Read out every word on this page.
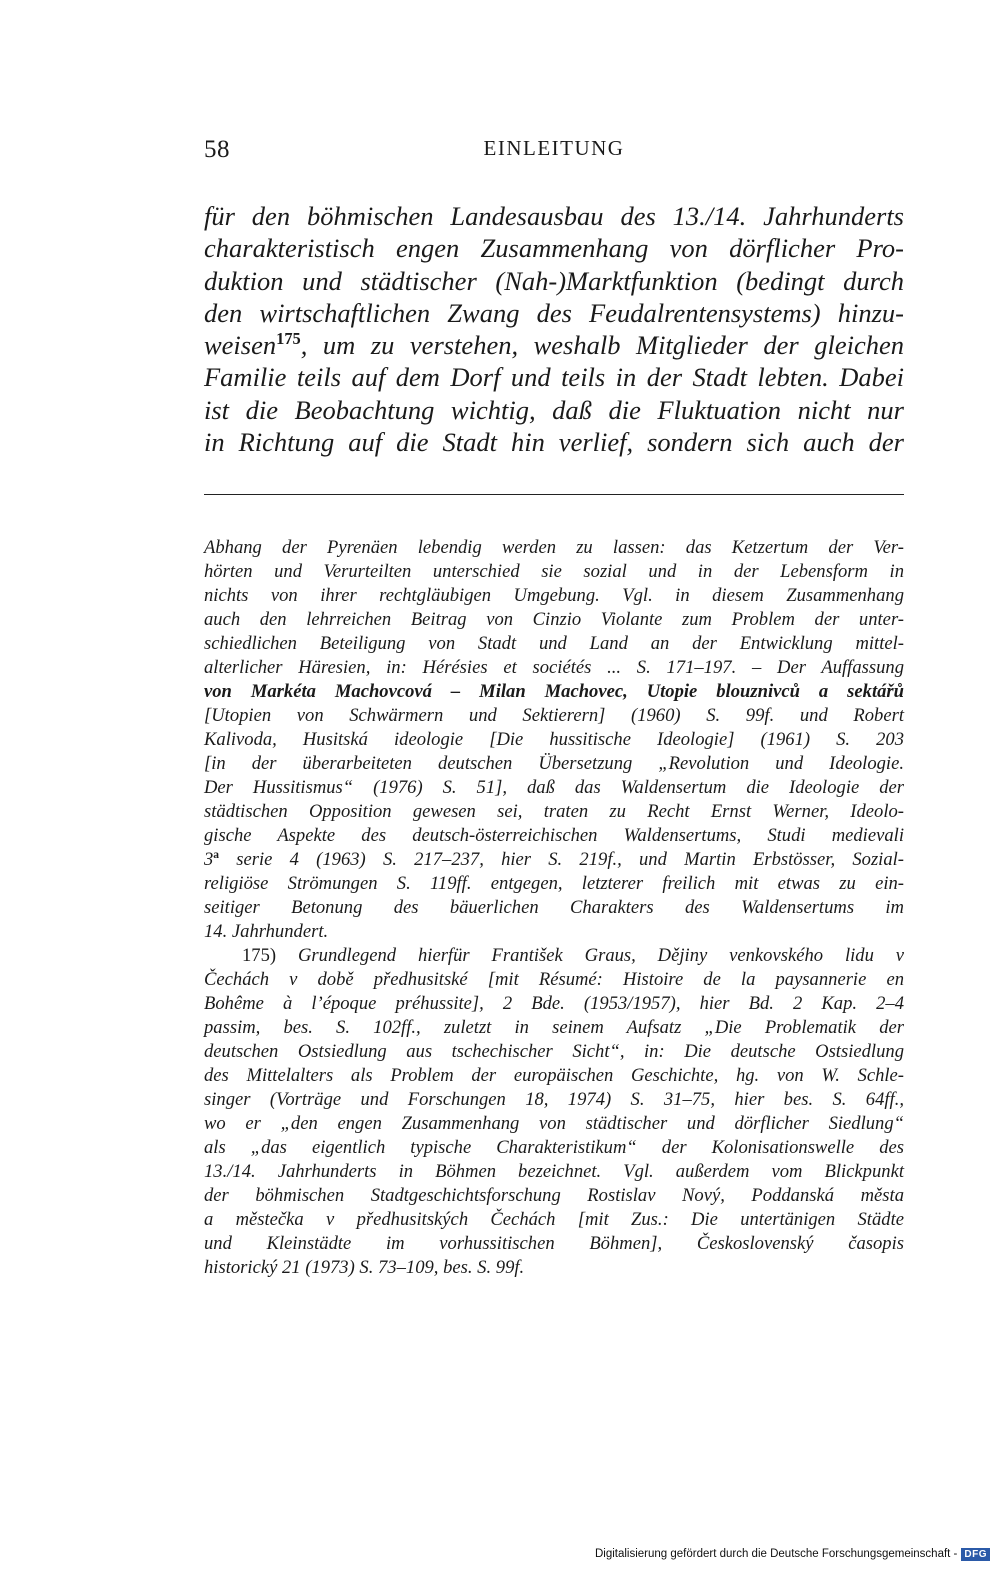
58	EINLEITUNG
für den böhmischen Landesausbau des 13./14. Jahrhunderts
charakteristisch engen Zusammenhang von dörflicher Pro-
duktion und städtischer (Nah-)Marktfunktion (bedingt durch
den wirtschaftlichen Zwang des Feudalrentensystems) hinzu-
weisen$^{175}$, um zu verstehen, weshalb Mitglieder der gleichen
Familie teils auf dem Dorf und teils in der Stadt lebten. Dabei
ist die Beobachtung wichtig, daß die Fluktuation nicht nur
in Richtung auf die Stadt hin verlief, sondern sich auch der
Abhang der Pyrenäen lebendig werden zu lassen: das Ketzertum der Ver-
hörten und Verurteilten unterschied sie sozial und in der Lebensform in
nichts von ihrer rechtgläubigen Umgebung. Vgl. in diesem Zusammenhang
auch den lehrreichen Beitrag von Cinzio Violante zum Problem der unter-
schiedlichen Beteiligung von Stadt und Land an der Entwicklung mittel-
alterlicher Häresien, in: Hérésies et sociétés ... S. 171–197. – Der Auffassung
von Markéta Machovcová – Milan Machovec, Utopie blouznivců a sektářů
[Utopien von Schwärmern und Sektierern] (1960) S. 99f. und Robert
Kalivoda, Husitská ideologie [Die hussitische Ideologie] (1961) S. 203
[in der überarbeiteten deutschen Übersetzung „Revolution und Ideologie.
Der Hussitismus“ (1976) S. 51], daß das Waldensertum die Ideologie der
städtischen Opposition gewesen sei, traten zu Recht Ernst Werner, Ideolo-
gische Aspekte des deutsch-österreichischen Waldensertums, Studi medievali
3$^a$ serie 4 (1963) S. 217–237, hier S. 219f., und Martin Erbstösser, Sozial-
religiöse Strömungen S. 119ff. entgegen, letzterer freilich mit etwas zu ein-
seitiger Betonung des bäuerlichen Charakters des Waldensertums im
14. Jahrhundert.
175) Grundlegend hierfür František Graus, Dějiny venkovského lidu v
Čechách v době předhusitské [mit Résumé: Histoire de la paysannerie en
Bohême à l’époque préhussite], 2 Bde. (1953/1957), hier Bd. 2 Kap. 2–4
passim, bes. S. 102ff., zuletzt in seinem Aufsatz „Die Problematik der
deutschen Ostsiedlung aus tschechischer Sicht“, in: Die deutsche Ostsiedlung
des Mittelalters als Problem der europäischen Geschichte, hg. von W. Schle-
singer (Vorträge und Forschungen 18, 1974) S. 31–75, hier bes. S. 64ff.,
wo er „den engen Zusammenhang von städtischer und dörflicher Siedlung“
als „das eigentlich typische Charakteristikum“ der Kolonisationswelle des
13./14. Jahrhunderts in Böhmen bezeichnet. Vgl. außerdem vom Blickpunkt
der böhmischen Stadtgeschichtsforschung Rostislav Nový, Poddanská města
a městečka v předhusitských Čechách [mit Zus.: Die untertänigen Städte
und Kleinstädte im vorhussitischen Böhmen], Československý časopis
historický 21 (1973) S. 73–109, bes. S. 99f.
Digitalisierung gefördert durch die Deutsche Forschungsgemeinschaft - DFG
